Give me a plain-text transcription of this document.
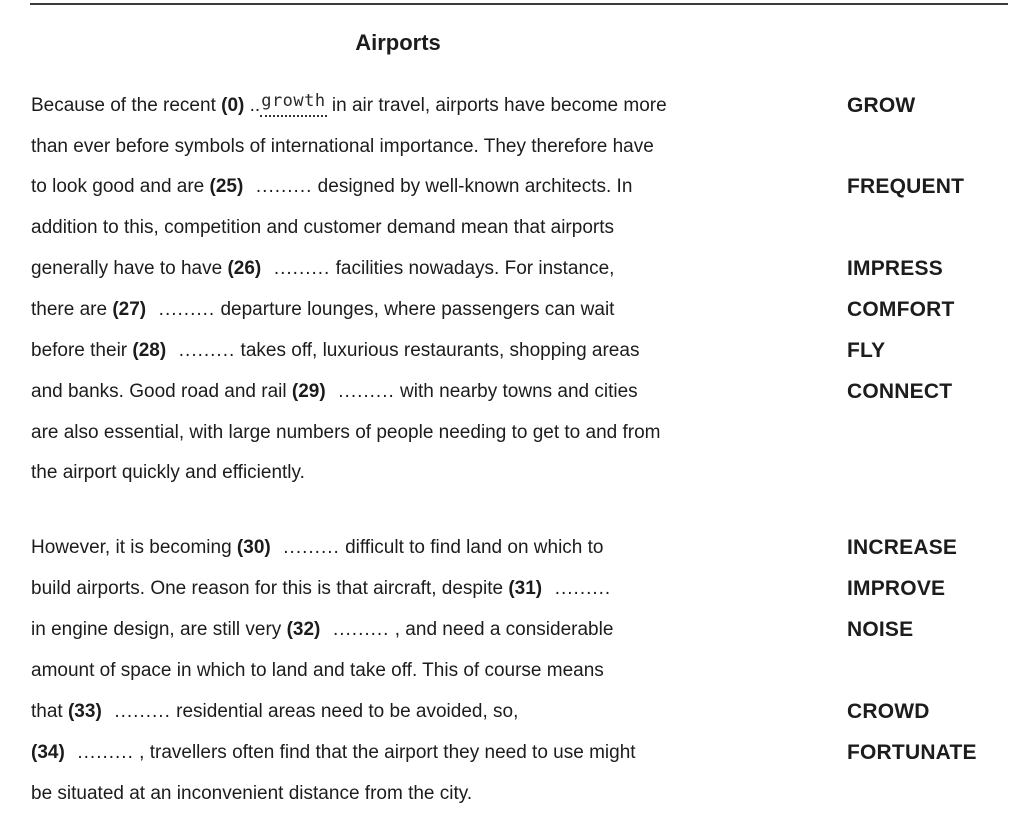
Airports
Because of the recent (0) ..growth in air travel, airports have become more
than ever before symbols of international importance. They therefore have
to look good and are (25)  ......... designed by well-known architects. In
addition to this, competition and customer demand mean that airports
generally have to have (26)  ......... facilities nowadays. For instance,
there are (27)  ......... departure lounges, where passengers can wait
before their (28)  ......... takes off, luxurious restaurants, shopping areas
and banks. Good road and rail (29)  ......... with nearby towns and cities
are also essential, with large numbers of people needing to get to and from
the airport quickly and efficiently.
However, it is becoming (30)  ......... difficult to find land on which to
build airports. One reason for this is that aircraft, despite (31)  .........
in engine design, are still very (32)  ......... , and need a considerable
amount of space in which to land and take off. This of course means
that (33)  ......... residential areas need to be avoided, so,
(34)  ......... , travellers often find that the airport they need to use might
be situated at an inconvenient distance from the city.
GROW
FREQUENT
IMPRESS
COMFORT
FLY
CONNECT
INCREASE
IMPROVE
NOISE
CROWD
FORTUNATE
